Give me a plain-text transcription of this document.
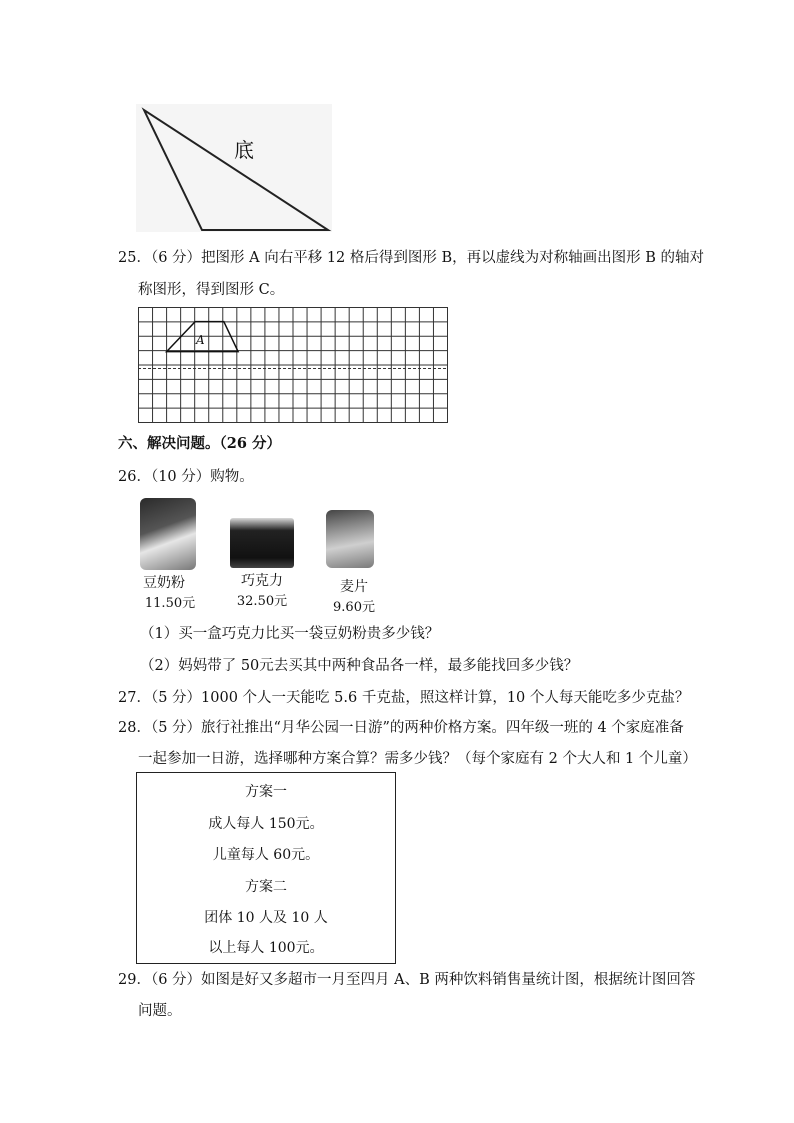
底
25．（6 分）把图形 A 向右平移 12 格后得到图形 B，再以虚线为对称轴画出图形 B 的轴对
称图形，得到图形 C。
A
六、解决问题。（26 分）
26．（10 分）购物。
豆奶粉
11.50元
巧克力
32.50元
麦片
9.60元
（1）买一盒巧克力比买一袋豆奶粉贵多少钱？
（2）妈妈带了 50元去买其中两种食品各一样，最多能找回多少钱？
27．（5 分）1000 个人一天能吃 5.6 千克盐，照这样计算，10 个人每天能吃多少克盐？
28．（5 分）旅行社推出“月华公园一日游”的两种价格方案。四年级一班的 4 个家庭准备
一起参加一日游，选择哪种方案合算？需多少钱？（每个家庭有 2 个大人和 1 个儿童）
方案一
成人每人 150元。
儿童每人 60元。
方案二
团体 10 人及 10 人
以上每人 100元。
29．（6 分）如图是好又多超市一月至四月 A、B 两种饮料销售量统计图，根据统计图回答
问题。
